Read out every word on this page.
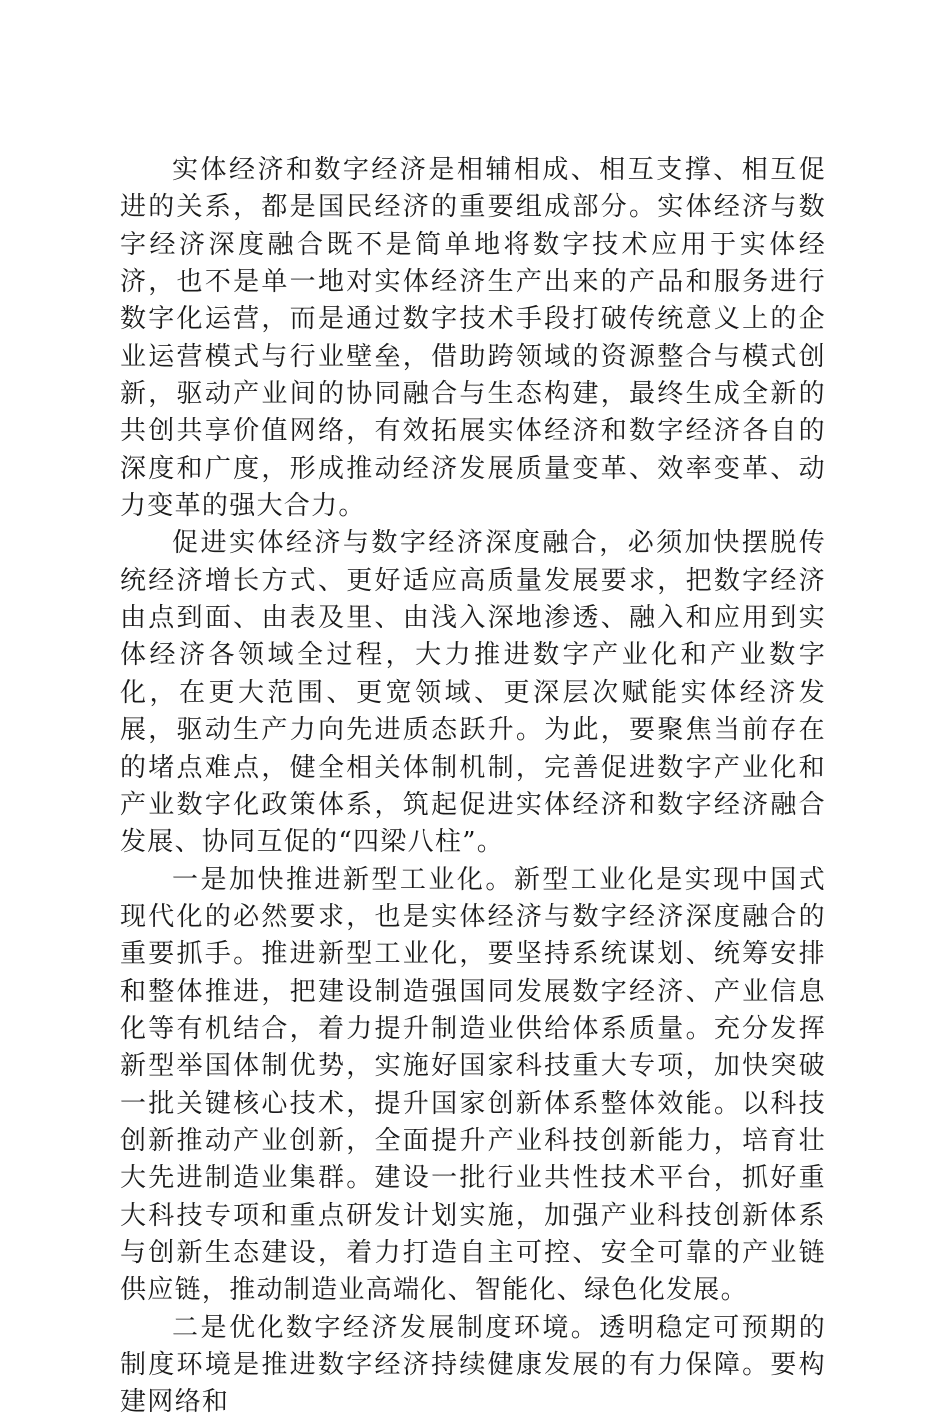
实体经济和数字经济是相辅相成、相互支撑、相互促进的关系，都是国民经济的重要组成部分。实体经济与数字经济深度融合既不是简单地将数字技术应用于实体经济，也不是单一地对实体经济生产出来的产品和服务进行数字化运营，而是通过数字技术手段打破传统意义上的企业运营模式与行业壁垒，借助跨领域的资源整合与模式创新，驱动产业间的协同融合与生态构建，最终生成全新的共创共享价值网络，有效拓展实体经济和数字经济各自的深度和广度，形成推动经济发展质量变革、效率变革、动力变革的强大合力。

促进实体经济与数字经济深度融合，必须加快摆脱传统经济增长方式、更好适应高质量发展要求，把数字经济由点到面、由表及里、由浅入深地渗透、融入和应用到实体经济各领域全过程，大力推进数字产业化和产业数字化，在更大范围、更宽领域、更深层次赋能实体经济发展，驱动生产力向先进质态跃升。为此，要聚焦当前存在的堵点难点，健全相关体制机制，完善促进数字产业化和产业数字化政策体系，筑起促进实体经济和数字经济融合发展、协同互促的“四梁八柱”。

一是加快推进新型工业化。新型工业化是实现中国式现代化的必然要求，也是实体经济与数字经济深度融合的重要抓手。推进新型工业化，要坚持系统谋划、统筹安排和整体推进，把建设制造强国同发展数字经济、产业信息化等有机结合，着力提升制造业供给体系质量。充分发挥新型举国体制优势，实施好国家科技重大专项，加快突破一批关键核心技术，提升国家创新体系整体效能。以科技创新推动产业创新，全面提升产业科技创新能力，培育壮大先进制造业集群。建设一批行业共性技术平台，抓好重大科技专项和重点研发计划实施，加强产业科技创新体系与创新生态建设，着力打造自主可控、安全可靠的产业链供应链，推动制造业高端化、智能化、绿色化发展。

二是优化数字经济发展制度环境。透明稳定可预期的制度环境是推进数字经济持续健康发展的有力保障。要构建网络和
